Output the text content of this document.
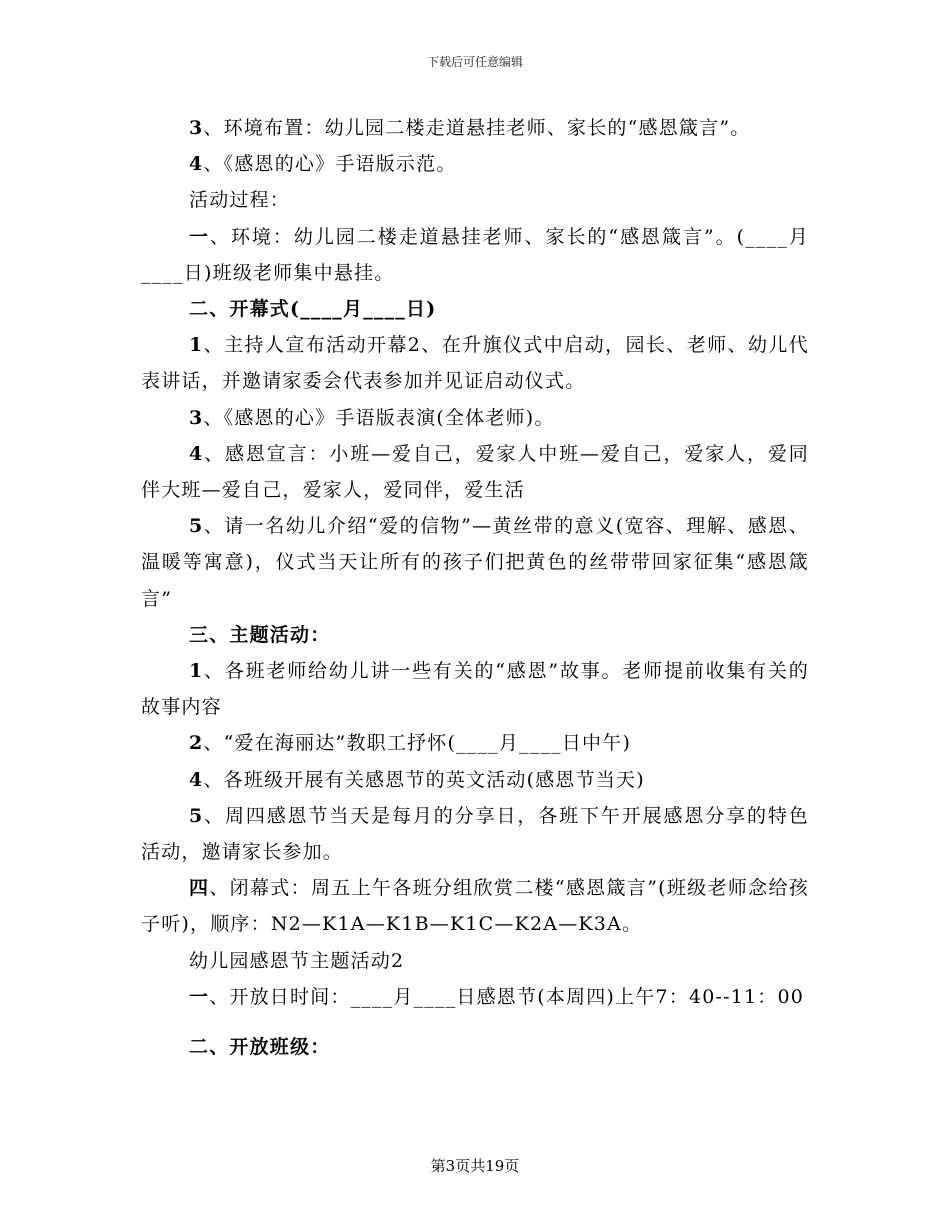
下载后可任意编辑

3、环境布置：幼儿园二楼走道悬挂老师、家长的“感恩箴言”。

4、《感恩的心》手语版示范。

活动过程：

一、环境：幼儿园二楼走道悬挂老师、家长的“感恩箴言”。(____月____日)班级老师集中悬挂。

二、开幕式(____月____日)

1、主持人宣布活动开幕2、在升旗仪式中启动，园长、老师、幼儿代表讲话，并邀请家委会代表参加并见证启动仪式。

3、《感恩的心》手语版表演(全体老师)。

4、感恩宣言：小班—爱自己，爱家人中班—爱自己，爱家人，爱同伴大班—爱自己，爱家人，爱同伴，爱生活

5、请一名幼儿介绍“爱的信物”—黄丝带的意义(宽容、理解、感恩、温暖等寓意)，仪式当天让所有的孩子们把黄色的丝带带回家征集“感恩箴言”

三、主题活动：

1、各班老师给幼儿讲一些有关的“感恩”故事。老师提前收集有关的故事内容

2、“爱在海丽达”教职工抒怀(____月____日中午)

4、各班级开展有关感恩节的英文活动(感恩节当天)

5、周四感恩节当天是每月的分享日，各班下午开展感恩分享的特色活动，邀请家长参加。

四、闭幕式：周五上午各班分组欣赏二楼“感恩箴言”(班级老师念给孩子听)，顺序：N2—K1A—K1B—K1C—K2A—K3A。

幼儿园感恩节主题活动2

一、开放日时间：____月____日感恩节(本周四)上午7：40--11：00

二、开放班级：

第3页共19页
